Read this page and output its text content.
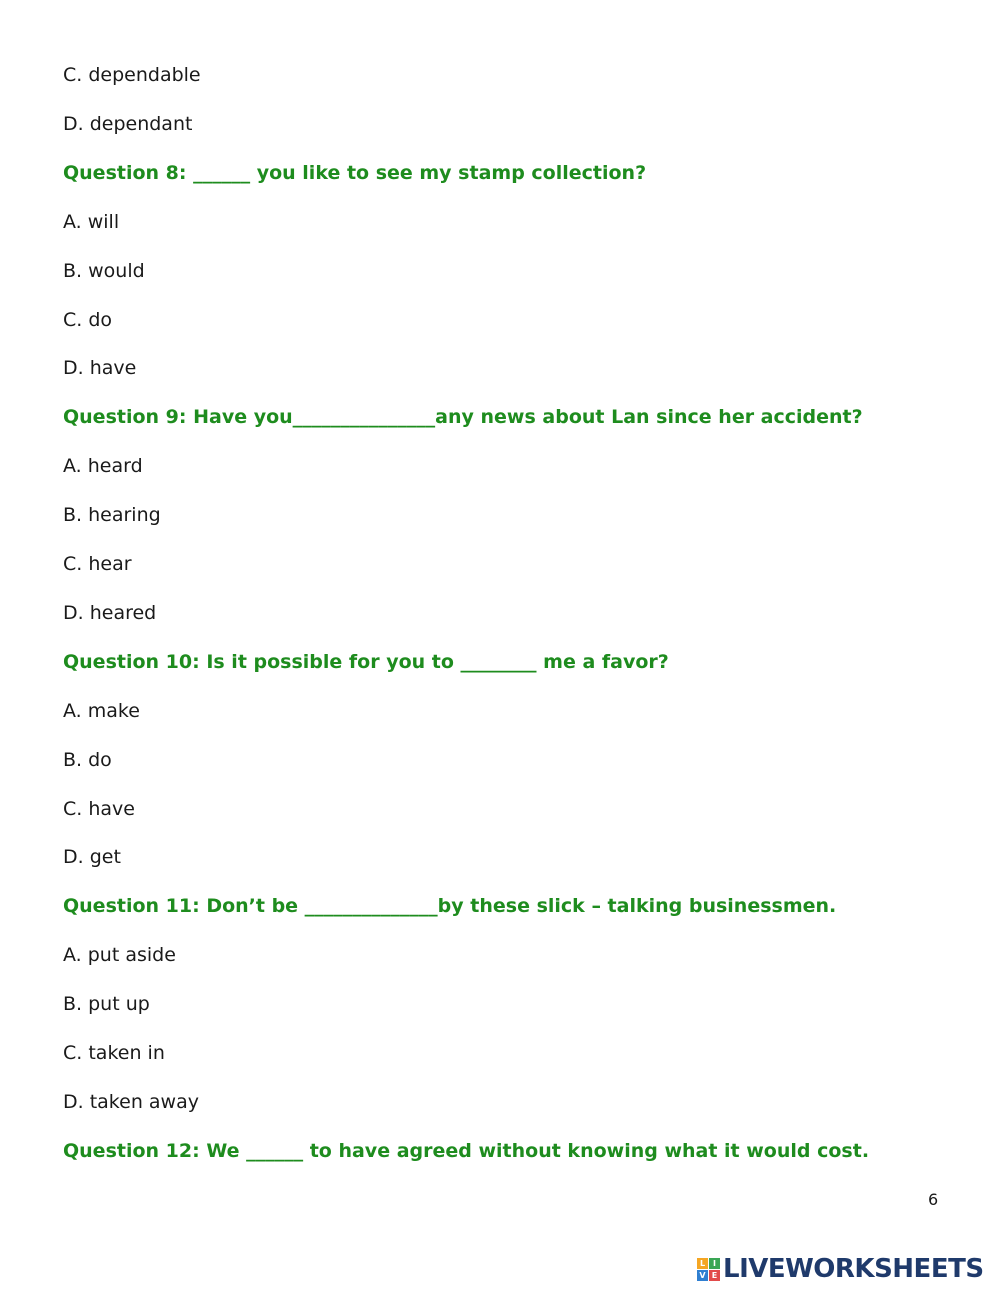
C. dependable
D. dependant
Question 8: ______ you like to see my stamp collection?
A. will
B. would
C. do
D. have
Question 9: Have you_______________any news about Lan since her accident?
A. heard
B. hearing
C. hear
D. heared
Question 10: Is it possible for you to ________ me a favor?
A. make
B. do
C. have
D. get
Question 11: Don’t be ______________by these slick – talking businessmen.
A. put aside
B. put up
C. taken in
D. taken away
Question 12: We ______ to have agreed without knowing what it would cost.
6
L I
V E LIVEWORKSHEETS
